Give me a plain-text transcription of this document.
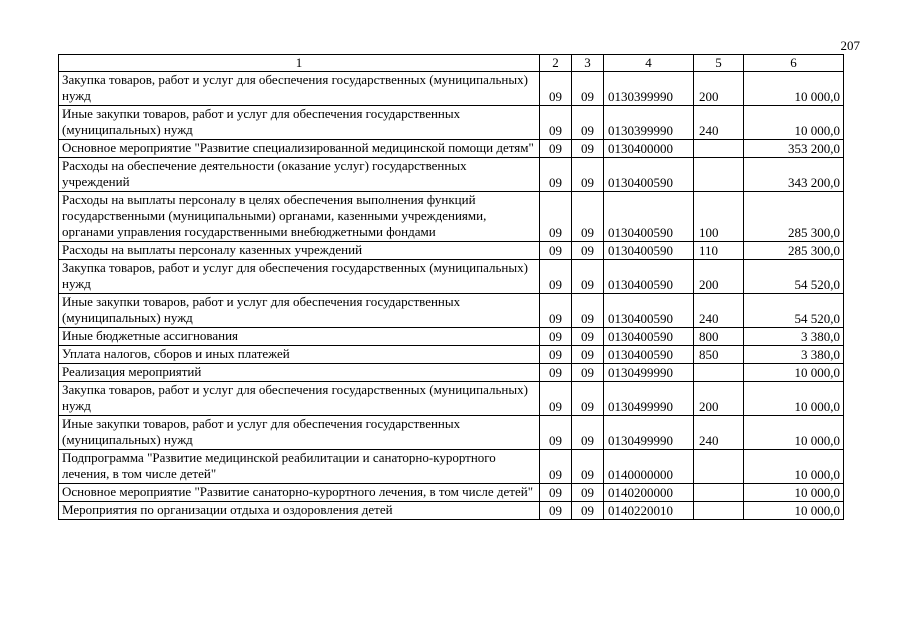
207
1	2	3	4	5	6
Закупка товаров, работ и услуг для обеспечения государственных (муниципальных) нужд	09	09	0130399990	200	10 000,0
Иные закупки товаров, работ и услуг для обеспечения государственных (муниципальных) нужд	09	09	0130399990	240	10 000,0
Основное мероприятие "Развитие специализированной медицинской помощи детям"	09	09	0130400000		353 200,0
Расходы на обеспечение деятельности (оказание услуг) государственных учреждений	09	09	0130400590		343 200,0
Расходы на выплаты персоналу в целях обеспечения выполнения функций государственными (муниципальными) органами, казенными учреждениями, органами управления государственными внебюджетными фондами	09	09	0130400590	100	285 300,0
Расходы на выплаты персоналу казенных учреждений	09	09	0130400590	110	285 300,0
Закупка товаров, работ и услуг для обеспечения государственных (муниципальных) нужд	09	09	0130400590	200	54 520,0
Иные закупки товаров, работ и услуг для обеспечения государственных (муниципальных) нужд	09	09	0130400590	240	54 520,0
Иные бюджетные ассигнования	09	09	0130400590	800	3 380,0
Уплата налогов, сборов и иных платежей	09	09	0130400590	850	3 380,0
Реализация мероприятий	09	09	0130499990		10 000,0
Закупка товаров, работ и услуг для обеспечения государственных (муниципальных) нужд	09	09	0130499990	200	10 000,0
Иные закупки товаров, работ и услуг для обеспечения государственных (муниципальных) нужд	09	09	0130499990	240	10 000,0
Подпрограмма "Развитие медицинской реабилитации и санаторно-курортного лечения, в том числе детей"	09	09	0140000000		10 000,0
Основное мероприятие "Развитие санаторно-курортного лечения, в том числе детей"	09	09	0140200000		10 000,0
Мероприятия по организации отдыха и оздоровления детей	09	09	0140220010		10 000,0
